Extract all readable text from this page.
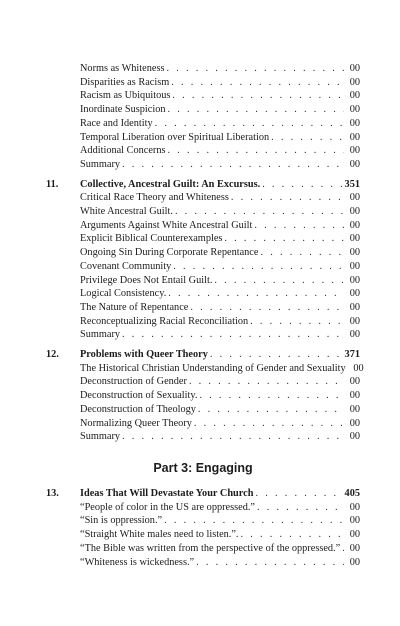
Norms as Whiteness . . .	00
Disparities as Racism . . .	00
Racism as Ubiquitous . . .	00
Inordinate Suspicion . . .	00
Race and Identity . . .	00
Temporal Liberation over Spiritual Liberation . . .	00
Additional Concerns . . .	00
Summary . . .	00
11.	Collective, Ancestral Guilt: An Excursus. . . .	351
Critical Race Theory and Whiteness . . .	00
White Ancestral Guilt. . . .	00
Arguments Against White Ancestral Guilt . . .	00
Explicit Biblical Counterexamples . . .	00
Ongoing Sin During Corporate Repentance . . .	00
Covenant Community . . .	00
Privilege Does Not Entail Guilt. . . .	00
Logical Consistency. . . .	00
The Nature of Repentance . . .	00
Reconceptualizing Racial Reconciliation . . .	00
Summary . . .	00
12.	Problems with Queer Theory . . .	371
The Historical Christian Understanding of Gender and Sexuality 00
Deconstruction of Gender . . .	00
Deconstruction of Sexuality. . . .	00
Deconstruction of Theology . . .	00
Normalizing Queer Theory . . .	00
Summary . . .	00
Part 3: Engaging
13.	Ideas That Will Devastate Your Church . . .	405
“People of color in the US are oppressed.” . . .	00
“Sin is oppression.” . . .	00
“Straight White males need to listen.”. . . .	00
“The Bible was written from the perspective of the oppressed.” . . . 00
“Whiteness is wickedness.” . . .	00
